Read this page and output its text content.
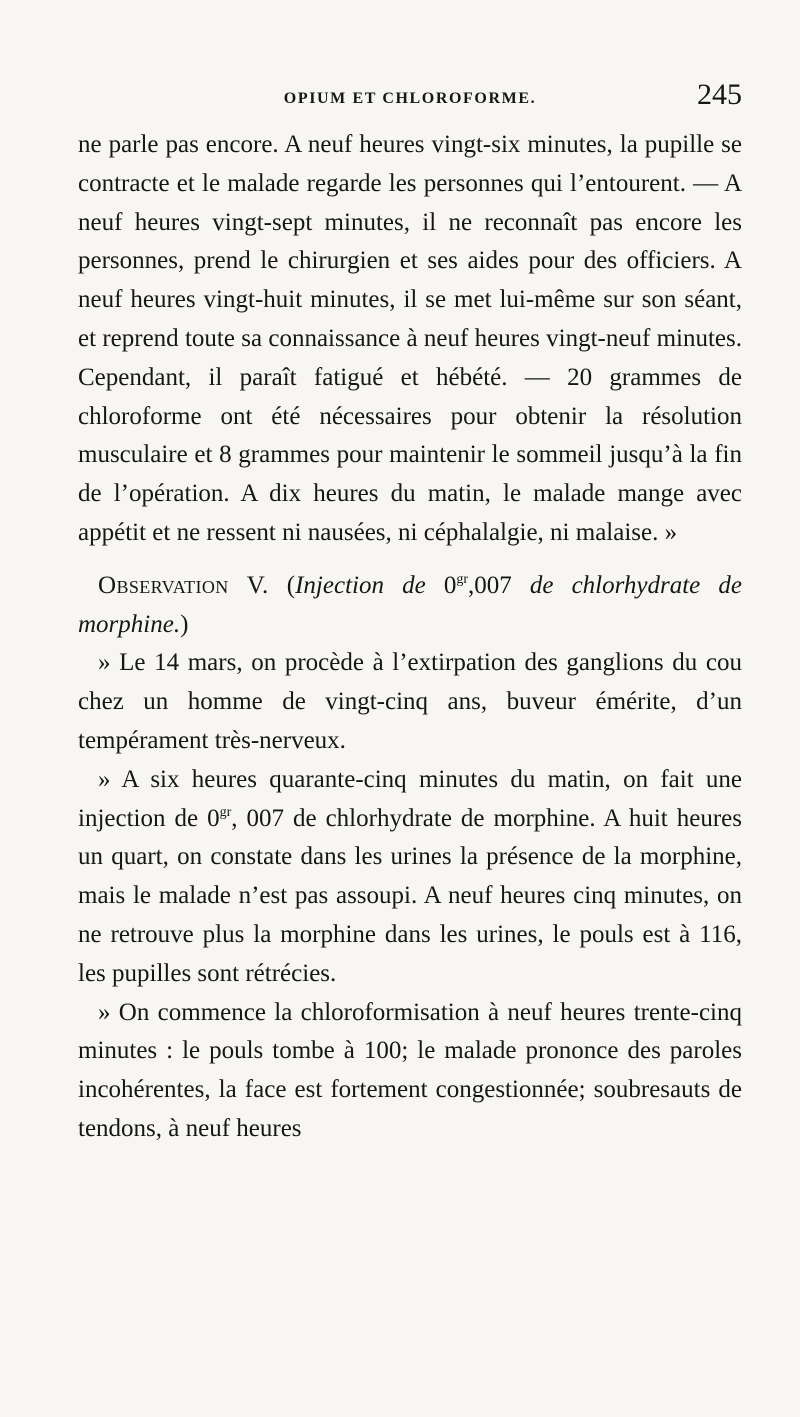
OPIUM ET CHLOROFORME.	245

ne parle pas encore. A neuf heures vingt-six minutes, la pupille se contracte et le malade regarde les personnes qui l’entourent. — A neuf heures vingt-sept minutes, il ne reconnaît pas encore les personnes, prend le chirurgien et ses aides pour des officiers. A neuf heures vingt-huit minutes, il se met lui-même sur son séant, et reprend toute sa connaissance à neuf heures vingt-neuf minutes. Cependant, il paraît fatigué et hébété. — 20 grammes de chloroforme ont été nécessaires pour obtenir la résolution musculaire et 8 grammes pour maintenir le sommeil jusqu’à la fin de l’opération. A dix heures du matin, le malade mange avec appétit et ne ressent ni nausées, ni céphalalgie, ni malaise. »

Observation V. (Injection de $0^{gr},007$ de chlorhydrate de morphine.)

» Le 14 mars, on procède à l’extirpation des ganglions du cou chez un homme de vingt-cinq ans, buveur émérite, d’un tempérament très-nerveux.

» A six heures quarante-cinq minutes du matin, on fait une injection de $0^{gr}$, 007 de chlorhydrate de morphine. A huit heures un quart, on constate dans les urines la présence de la morphine, mais le malade n’est pas assoupi. A neuf heures cinq minutes, on ne retrouve plus la morphine dans les urines, le pouls est à 116, les pupilles sont rétrécies.

» On commence la chloroformisation à neuf heures trente-cinq minutes : le pouls tombe à 100; le malade prononce des paroles incohérentes, la face est fortement congestionnée; soubresauts de tendons, à neuf heures
